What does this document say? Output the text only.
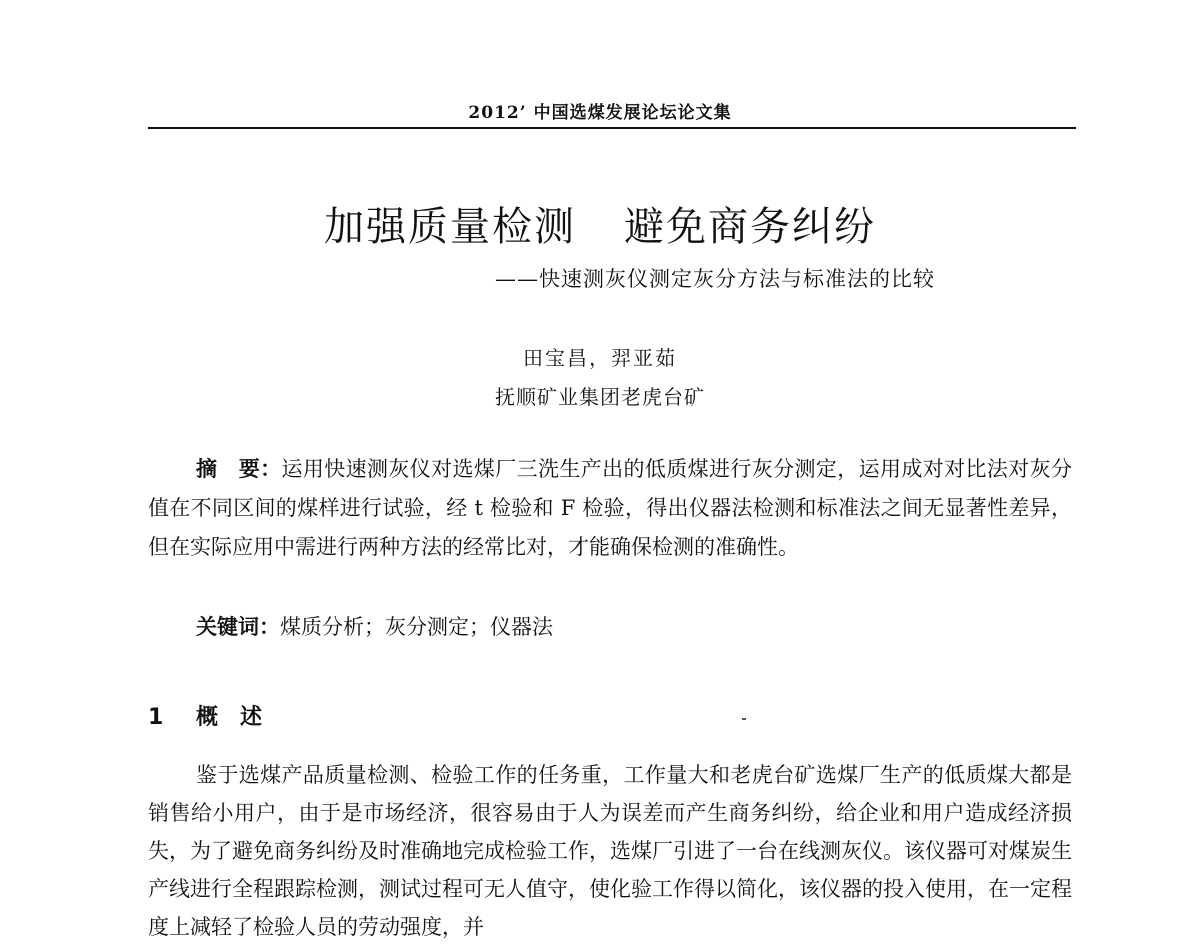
2012’ 中国选煤发展论坛论文集
加强质量检测 避免商务纠纷
——快速测灰仪测定灰分方法与标准法的比较
田宝昌，羿亚茹
抚顺矿业集团老虎台矿
摘　要：运用快速测灰仪对选煤厂三洗生产出的低质煤进行灰分测定，运用成对对比法对灰分值在不同区间的煤样进行试验，经 t 检验和 F 检验，得出仪器法检测和标准法之间无显著性差异，但在实际应用中需进行两种方法的经常比对，才能确保检测的准确性。
关键词：煤质分析；灰分测定；仪器法
1 概　述
鉴于选煤产品质量检测、检验工作的任务重，工作量大和老虎台矿选煤厂生产的低质煤大都是销售给小用户，由于是市场经济，很容易由于人为误差而产生商务纠纷，给企业和用户造成经济损失，为了避免商务纠纷及时准确地完成检验工作，选煤厂引进了一台在线测灰仪。该仪器可对煤炭生产线进行全程跟踪检测，测试过程可无人值守，使化验工作得以简化，该仪器的投入使用，在一定程度上减轻了检验人员的劳动强度，并
